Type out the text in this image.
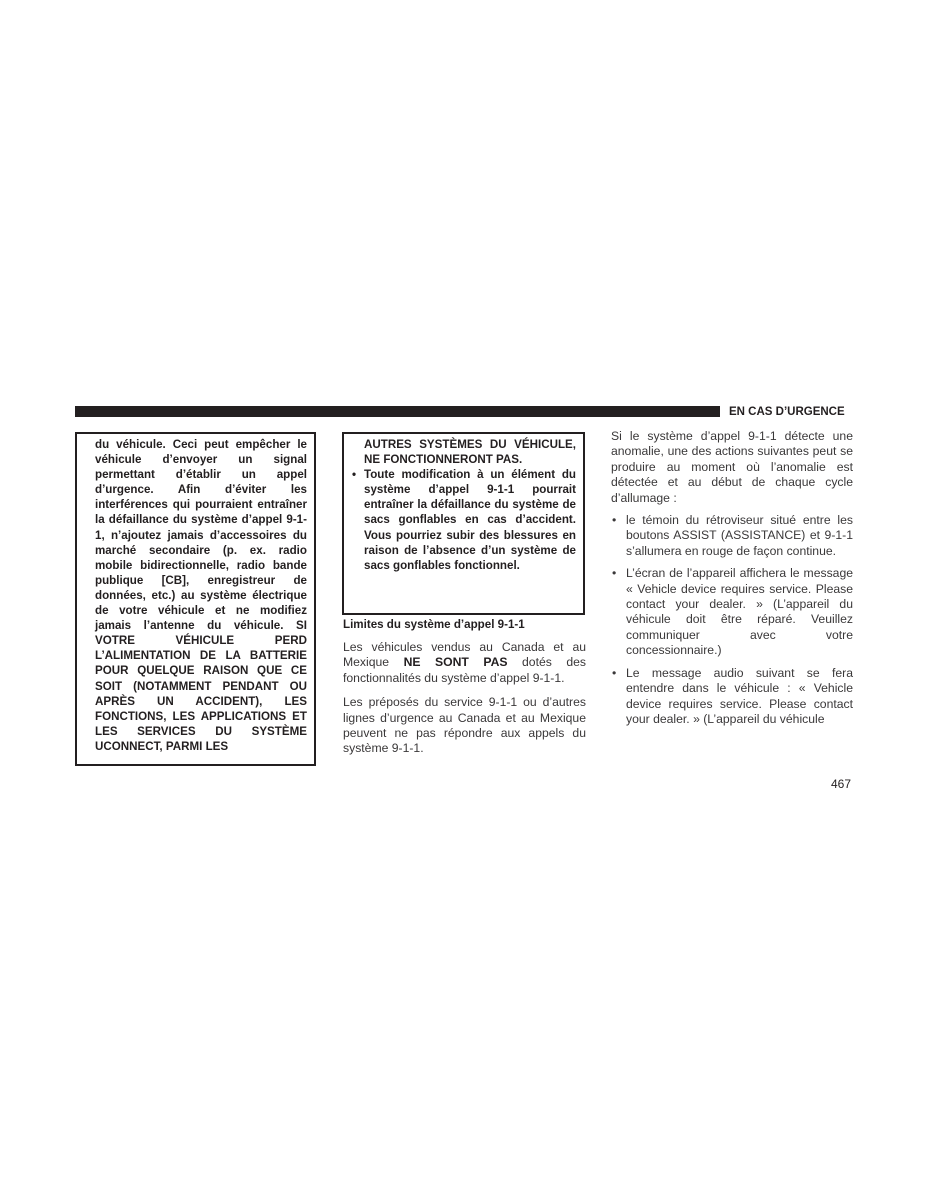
EN CAS D’URGENCE

du véhicule. Ceci peut empêcher le véhicule d’envoyer un signal permettant d’établir un appel d’urgence. Afin d’éviter les interférences qui pourraient entraîner la défaillance du système d’appel 9-1-1, n’ajoutez jamais d’accessoires du marché secondaire (p. ex. radio mobile bidirectionnelle, radio bande publique [CB], enregistreur de données, etc.) au système électrique de votre véhicule et ne modifiez jamais l’antenne du véhicule. SI VOTRE VÉHICULE PERD L’ALIMENTATION DE LA BATTERIE POUR QUELQUE RAISON QUE CE SOIT (NOTAMMENT PENDANT OU APRÈS UN ACCIDENT), LES FONCTIONS, LES APPLICATIONS ET LES SERVICES DU SYSTÈME UCONNECT, PARMI LES

AUTRES SYSTÈMES DU VÉHICULE, NE FONCTIONNERONT PAS.

• Toute modification à un élément du système d’appel 9-1-1 pourrait entraîner la défaillance du système de sacs gonflables en cas d’accident. Vous pourriez subir des blessures en raison de l’absence d’un système de sacs gonflables fonctionnel.
Limites du système d’appel 9-1-1

Les véhicules vendus au Canada et au Mexique NE SONT PAS dotés des fonctionnalités du système d’appel 9-1-1.

Les préposés du service 9-1-1 ou d’autres lignes d’urgence au Canada et au Mexique peuvent ne pas répondre aux appels du système 9-1-1.

Si le système d’appel 9-1-1 détecte une anomalie, une des actions suivantes peut se produire au moment où l’anomalie est détectée et au début de chaque cycle d’allumage :

• le témoin du rétroviseur situé entre les boutons ASSIST (ASSISTANCE) et 9-1-1 s’allumera en rouge de façon continue.
• L’écran de l’appareil affichera le message « Vehicle device requires service. Please contact your dealer. » (L’appareil du véhicule doit être réparé. Veuillez communiquer avec votre concessionnaire.)
• Le message audio suivant se fera entendre dans le véhicule : « Vehicle device requires service. Please contact your dealer. » (L’appareil du véhicule
467
